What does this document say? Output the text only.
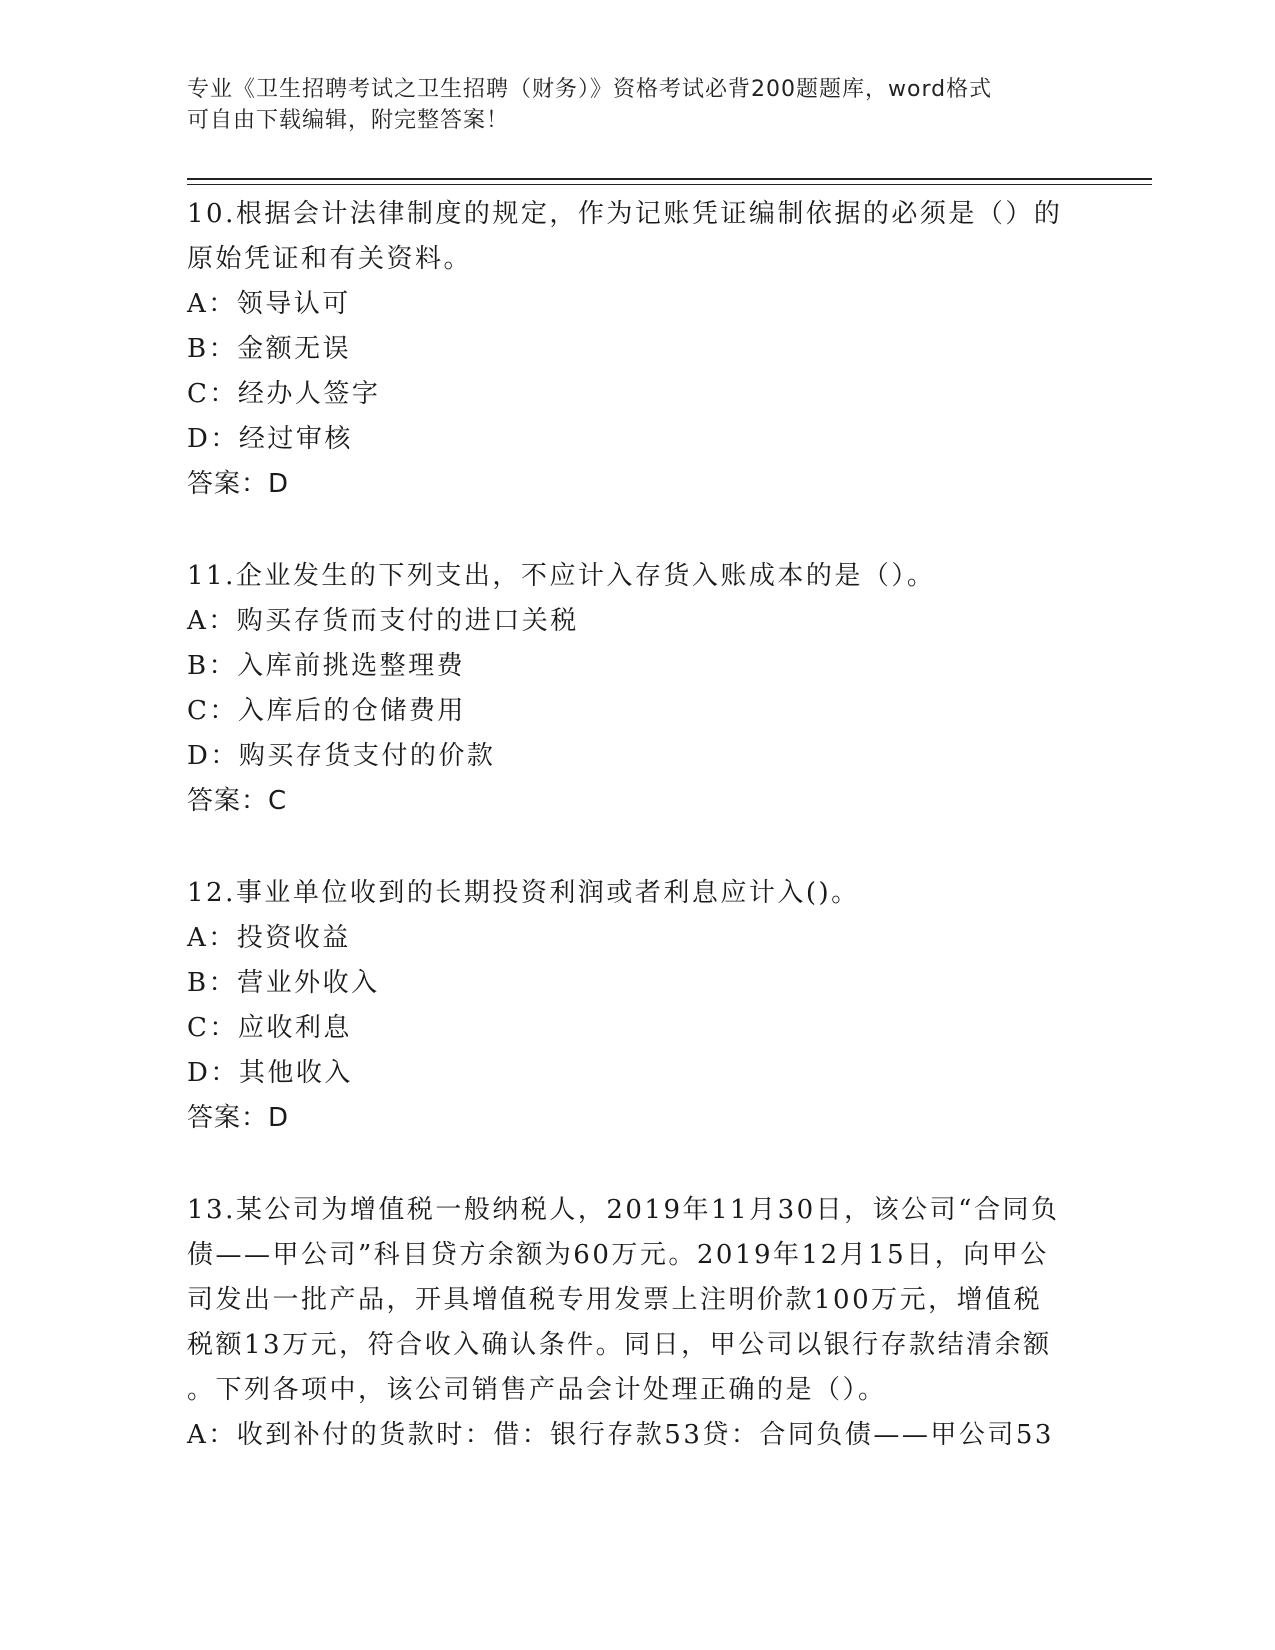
专业《卫生招聘考试之卫生招聘（财务）》资格考试必背200题题库，word格式
可自由下载编辑，附完整答案！
10.根据会计法律制度的规定，作为记账凭证编制依据的必须是（）的
原始凭证和有关资料。
A：领导认可
B：金额无误
C：经办人签字
D：经过审核
答案：D
11.企业发生的下列支出，不应计入存货入账成本的是（）。
A：购买存货而支付的进口关税
B：入库前挑选整理费
C：入库后的仓储费用
D：购买存货支付的价款
答案：C
12.事业单位收到的长期投资利润或者利息应计入()。
A：投资收益
B：营业外收入
C：应收利息
D：其他收入
答案：D
13.某公司为增值税一般纳税人，2019年11月30日，该公司“合同负
债——甲公司”科目贷方余额为60万元。2019年12月15日，向甲公
司发出一批产品，开具增值税专用发票上注明价款100万元，增值税
税额13万元，符合收入确认条件。同日，甲公司以银行存款结清余额
。下列各项中，该公司销售产品会计处理正确的是（）。
A：收到补付的货款时：借：银行存款53贷：合同负债——甲公司53
